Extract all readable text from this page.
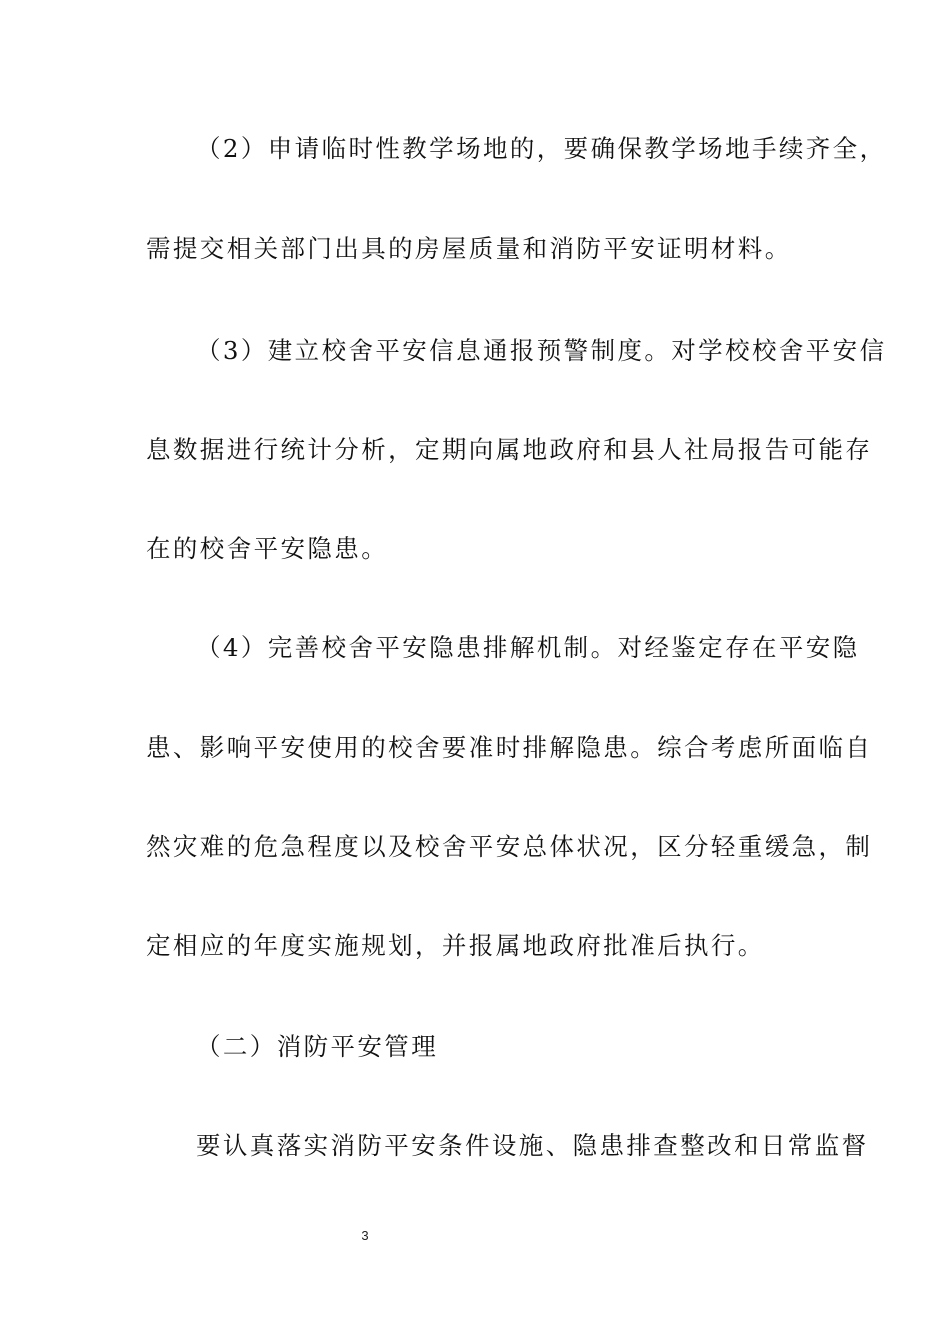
（2）申请临时性教学场地的，要确保教学场地手续齐全，
需提交相关部门出具的房屋质量和消防平安证明材料。
（3）建立校舍平安信息通报预警制度。对学校校舍平安信
息数据进行统计分析，定期向属地政府和县人社局报告可能存
在的校舍平安隐患。
（4）完善校舍平安隐患排解机制。对经鉴定存在平安隐
患、影响平安使用的校舍要准时排解隐患。综合考虑所面临自
然灾难的危急程度以及校舍平安总体状况，区分轻重缓急，制
定相应的年度实施规划，并报属地政府批准后执行。
（二）消防平安管理
要认真落实消防平安条件设施、隐患排查整改和日常监督
3
